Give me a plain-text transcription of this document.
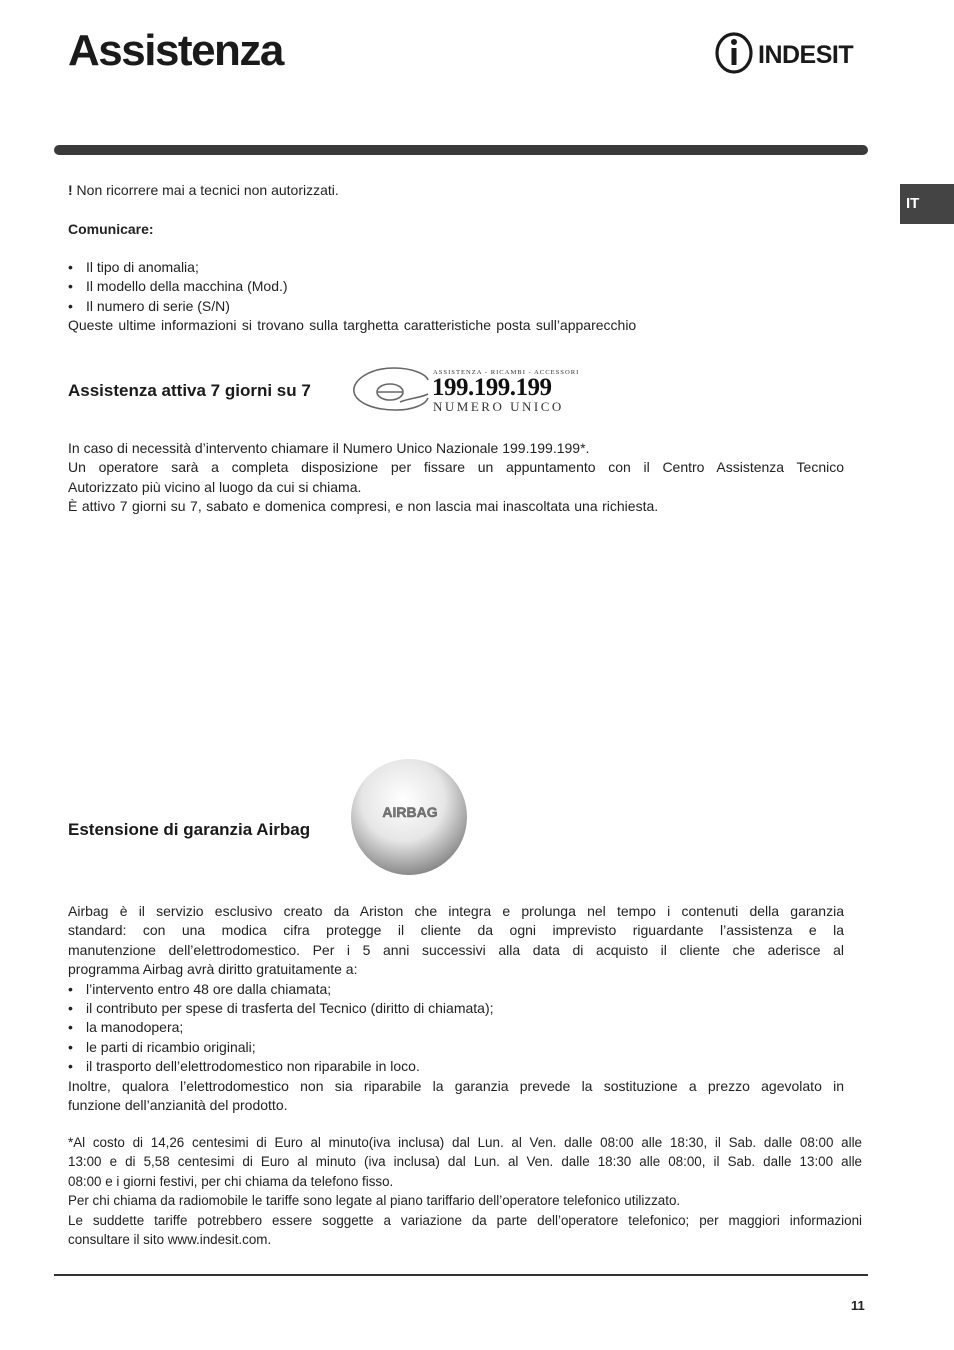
Assistenza	INDESIT
IT
! Non ricorrere mai a tecnici non autorizzati.
Comunicare:
• Il tipo di anomalia;
• Il modello della macchina (Mod.)
• Il numero di serie (S/N)
Queste ultime informazioni si trovano sulla targhetta caratteristiche posta sull’apparecchio
Assistenza attiva 7 giorni su 7
ASSISTENZA - RICAMBI - ACCESSORI
199.199.199
NUMERO UNICO
In caso di necessità d’intervento chiamare il Numero Unico Nazionale 199.199.199*.
Un operatore sarà a completa disposizione per fissare un appuntamento con il Centro Assistenza Tecnico
Autorizzato più vicino al luogo da cui si chiama.
È attivo 7 giorni su 7, sabato e domenica compresi, e non lascia mai inascoltata una richiesta.
Estensione di garanzia Airbag
AIRBAG
Airbag è il servizio esclusivo creato da Ariston che integra e prolunga nel tempo i contenuti della garanzia
standard: con una modica cifra protegge il cliente da ogni imprevisto riguardante l’assistenza e la
manutenzione dell’elettrodomestico. Per i 5 anni successivi alla data di acquisto il cliente che aderisce al
programma Airbag avrà diritto gratuitamente a:
• l’intervento entro 48 ore dalla chiamata;
• il contributo per spese di trasferta del Tecnico (diritto di chiamata);
• la manodopera;
• le parti di ricambio originali;
• il trasporto dell’elettrodomestico non riparabile in loco.
Inoltre, qualora l’elettrodomestico non sia riparabile la garanzia prevede la sostituzione a prezzo agevolato in
funzione dell’anzianità del prodotto.
*Al costo di 14,26 centesimi di Euro al minuto(iva inclusa) dal Lun. al Ven. dalle 08:00 alle 18:30, il Sab. dalle 08:00 alle
13:00 e di 5,58 centesimi di Euro al minuto (iva inclusa) dal Lun. al Ven. dalle 18:30 alle 08:00, il Sab. dalle 13:00 alle
08:00 e i giorni festivi, per chi chiama da telefono fisso.
Per chi chiama da radiomobile le tariffe sono legate al piano tariffario dell’operatore telefonico utilizzato.
Le suddette tariffe potrebbero essere soggette a variazione da parte dell’operatore telefonico; per maggiori informazioni
consultare il sito www.indesit.com.
11
